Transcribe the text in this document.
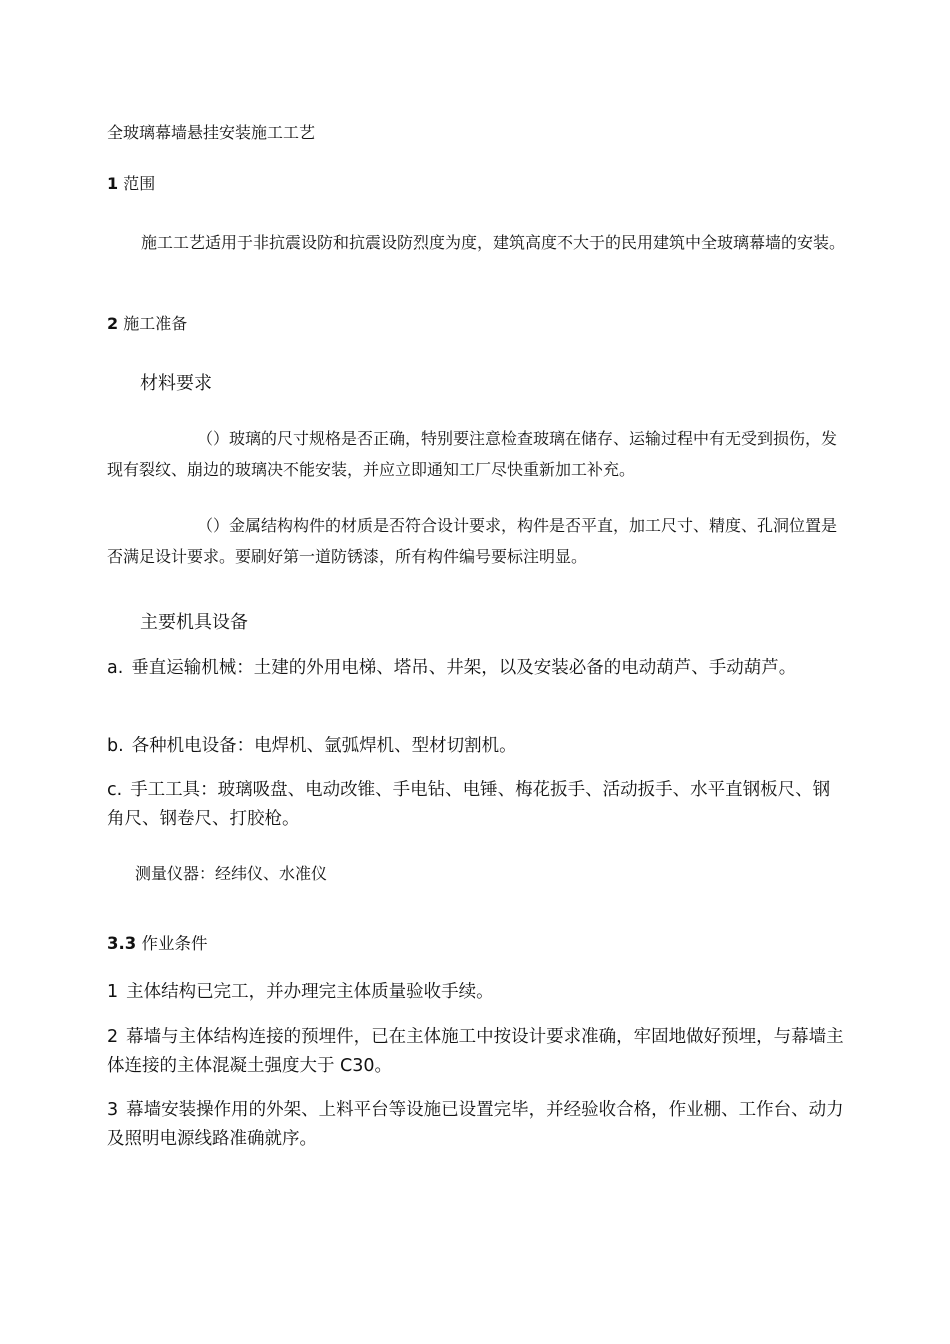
全玻璃幕墙悬挂安装施工工艺

1 范围

施工工艺适用于非抗震设防和抗震设防烈度为度，建筑高度不大于的民用建筑中全玻璃幕墙的安装。

2 施工准备

材料要求

（）玻璃的尺寸规格是否正确，特别要注意检查玻璃在储存、运输过程中有无受到损伤，发现有裂纹、崩边的玻璃决不能安装，并应立即通知工厂尽快重新加工补充。

（）金属结构构件的材质是否符合设计要求，构件是否平直，加工尺寸、精度、孔洞位置是否满足设计要求。要刷好第一道防锈漆，所有构件编号要标注明显。

主要机具设备

a. 垂直运输机械：土建的外用电梯、塔吊、井架，以及安装必备的电动葫芦、手动葫芦。

b. 各种机电设备：电焊机、氩弧焊机、型材切割机。

c. 手工工具：玻璃吸盘、电动改锥、手电钻、电锤、梅花扳手、活动扳手、水平直钢板尺、钢角尺、钢卷尺、打胶枪。

测量仪器：经纬仪、水准仪

3.3 作业条件

1 主体结构已完工，并办理完主体质量验收手续。

2 幕墙与主体结构连接的预埋件，已在主体施工中按设计要求准确，牢固地做好预埋，与幕墙主体连接的主体混凝土强度大于 C30。

3 幕墙安装操作用的外架、上料平台等设施已设置完毕，并经验收合格，作业棚、工作台、动力及照明电源线路准确就序。
